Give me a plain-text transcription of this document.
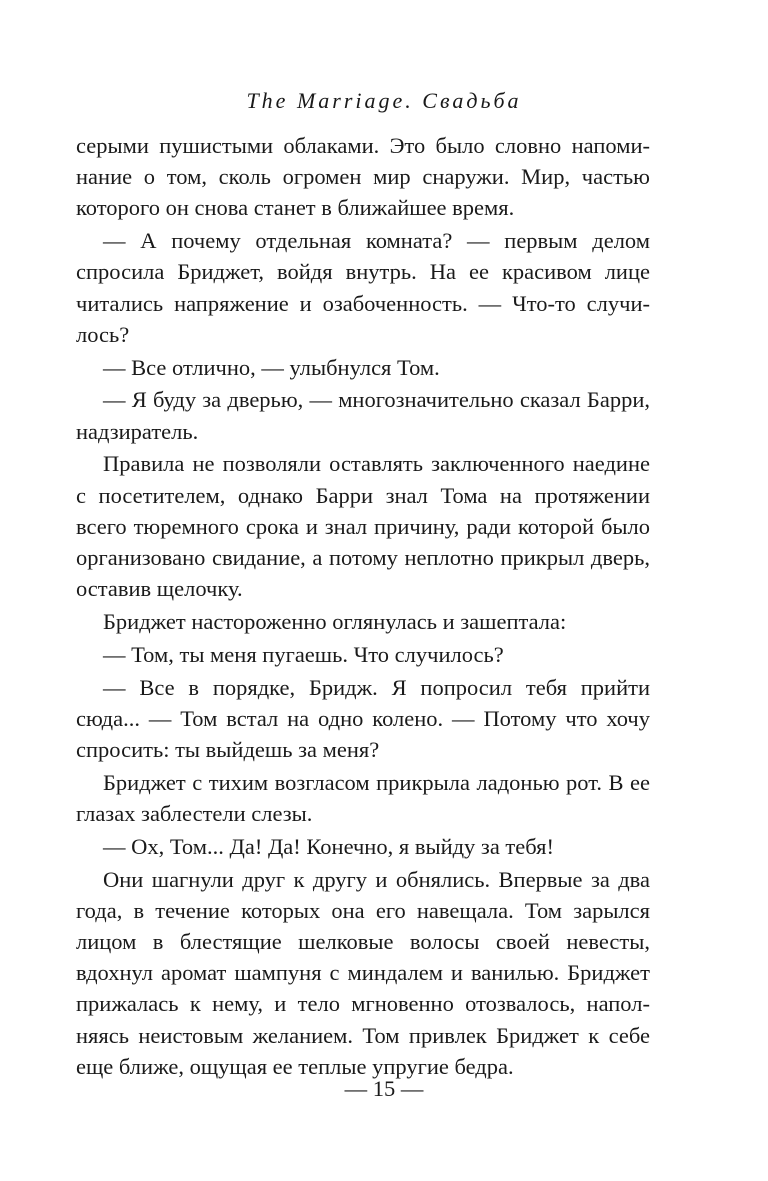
The Marriage. Свадьба

серыми пушистыми облаками. Это было словно напоминание о том, сколь огромен мир снаружи. Мир, частью которого он снова станет в ближайшее время.

— А почему отдельная комната? — первым делом спросила Бриджет, войдя внутрь. На ее красивом лице читались напряжение и озабоченность. — Что-то случилось?

— Все отлично, — улыбнулся Том.

— Я буду за дверью, — многозначительно сказал Барри, надзиратель.

Правила не позволяли оставлять заключенного наедине с посетителем, однако Барри знал Тома на протяжении всего тюремного срока и знал причину, ради которой было организовано свидание, а потому неплотно прикрыл дверь, оставив щелочку.

Бриджет настороженно оглянулась и зашептала:

— Том, ты меня пугаешь. Что случилось?

— Все в порядке, Бридж. Я попросил тебя прийти сюда... — Том встал на одно колено. — Потому что хочу спросить: ты выйдешь за меня?

Бриджет с тихим возгласом прикрыла ладонью рот. В ее глазах заблестели слезы.

— Ох, Том... Да! Да! Конечно, я выйду за тебя!

Они шагнули друг к другу и обнялись. Впервые за два года, в течение которых она его навещала. Том зарылся лицом в блестящие шелковые волосы своей невесты, вдохнул аромат шампуня с миндалем и ванилью. Бриджет прижалась к нему, и тело мгновенно отозвалось, наполняясь неистовым желанием. Том привлек Бриджет к себе еще ближе, ощущая ее теплые упругие бедра.

— 15 —
